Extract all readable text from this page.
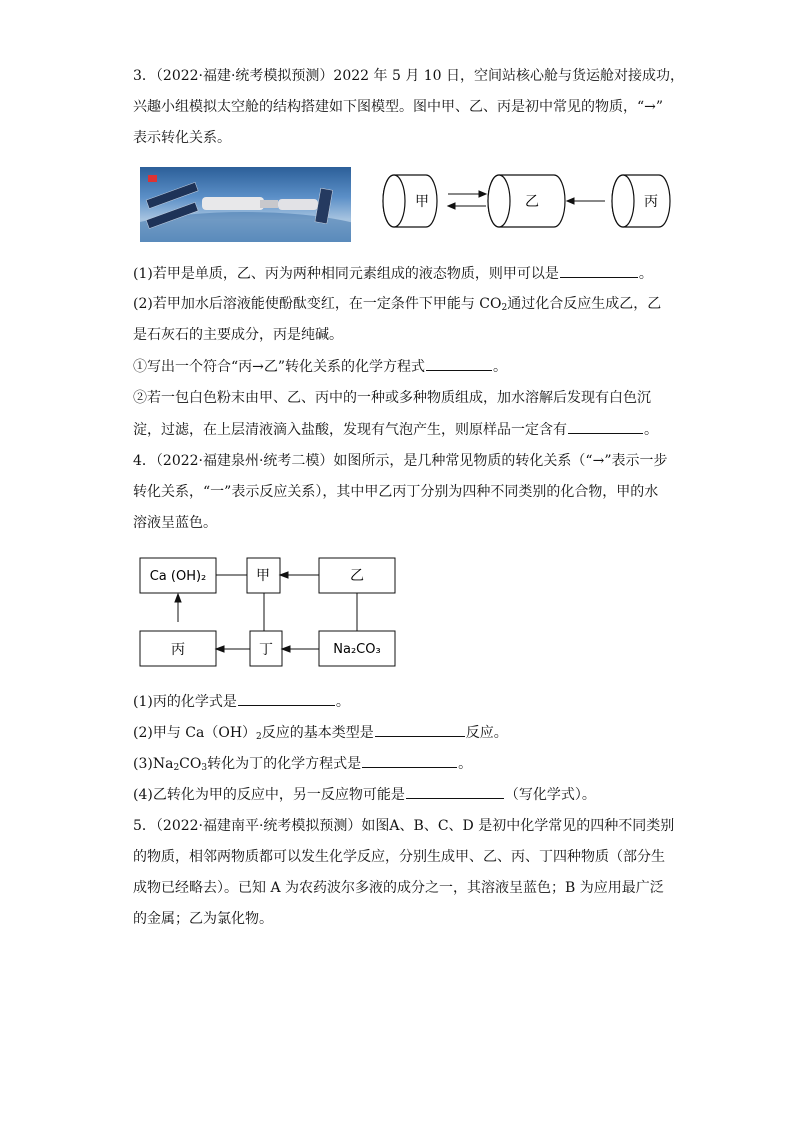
3．（2022·福建·统考模拟预测）2022 年 5 月 10 日，空间站核心舱与货运舱对接成功，
兴趣小组模拟太空舱的结构搭建如下图模型。图中甲、乙、丙是初中常见的物质，“→”
表示转化关系。
甲	乙	丙
(1)若甲是单质，乙、丙为两种相同元素组成的液态物质，则甲可以是	。
(2)若甲加水后溶液能使酚酞变红，在一定条件下甲能与 $CO_2$通过化合反应生成乙，乙
是石灰石的主要成分，丙是纯碱。
①写出一个符合“丙→乙”转化关系的化学方程式	。
②若一包白色粉末由甲、乙、丙中的一种或多种物质组成，加水溶解后发现有白色沉
淀，过滤，在上层清液滴入盐酸，发现有气泡产生，则原样品一定含有	。
4．（2022·福建泉州·统考二模）如图所示，是几种常见物质的转化关系（“→”表示一步
转化关系，“一”表示反应关系），其中甲乙丙丁分别为四种不同类别的化合物，甲的水
溶液呈蓝色。
Ca (OH)₂	甲	乙
丙	丁	Na₂CO₃
(1)丙的化学式是	。
(2)甲与 $Ca(OH)_2$反应的基本类型是	反应。
$(3)Na_2CO_3$转化为丁的化学方程式是	。
(4)乙转化为甲的反应中，另一反应物可能是	（写化学式）。
5．（2022·福建南平·统考模拟预测）如图A、B、C、D 是初中化学常见的四种不同类别
的物质，相邻两物质都可以发生化学反应，分别生成甲、乙、丙、丁四种物质（部分生
成物已经略去）。已知 A 为农药波尔多液的成分之一，其溶液呈蓝色；B 为应用最广泛
的金属；乙为氯化物。
